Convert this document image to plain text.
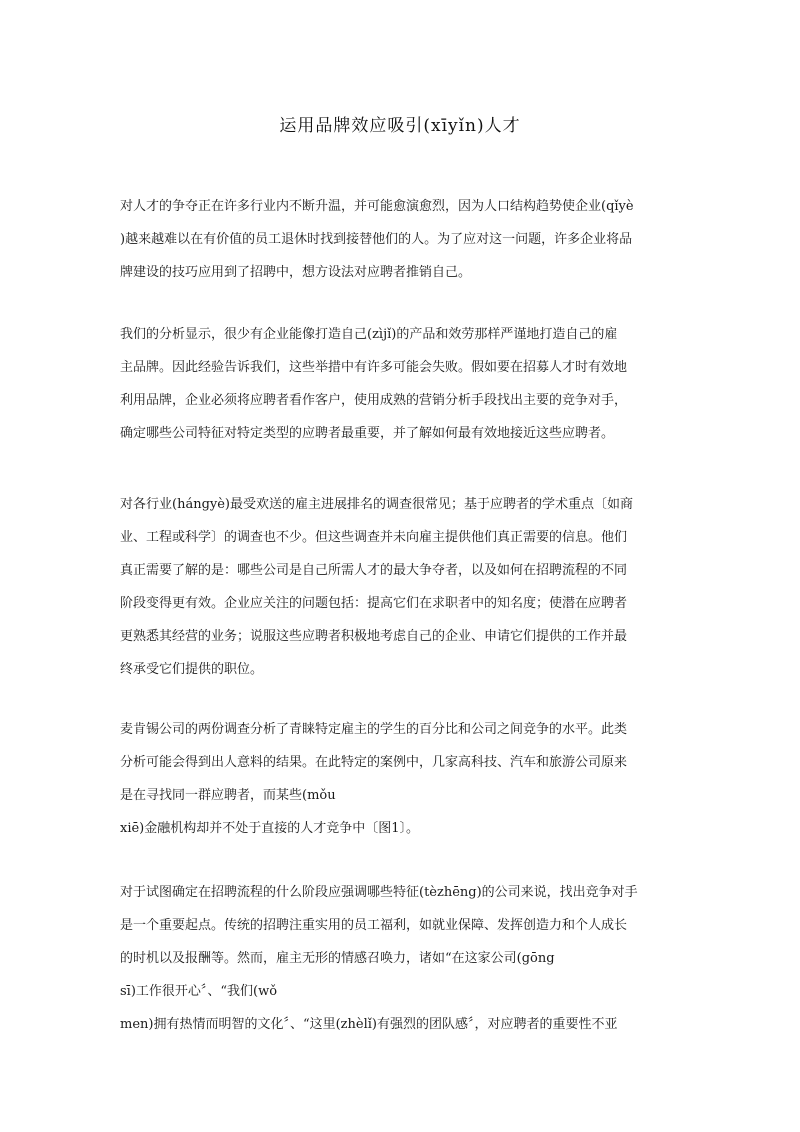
运用品牌效应吸引(xīyǐn)人才
对人才的争夺正在许多行业内不断升温，并可能愈演愈烈，因为人口结构趋势使企业(qǐyè
)越来越难以在有价值的员工退休时找到接替他们的人。为了应对这一问题，许多企业将品
牌建设的技巧应用到了招聘中，想方设法对应聘者推销自己。
我们的分析显示，很少有企业能像打造自己(zìjǐ)的产品和效劳那样严谨地打造自己的雇
主品牌。因此经验告诉我们，这些举措中有许多可能会失败。假如要在招募人才时有效地
利用品牌，企业必须将应聘者看作客户，使用成熟的营销分析手段找出主要的竞争对手，
确定哪些公司特征对特定类型的应聘者最重要，并了解如何最有效地接近这些应聘者。
对各行业(hángyè)最受欢送的雇主进展排名的调查很常见；基于应聘者的学术重点〔如商
业、工程或科学〕的调查也不少。但这些调查并未向雇主提供他们真正需要的信息。他们
真正需要了解的是：哪些公司是自己所需人才的最大争夺者，以及如何在招聘流程的不同
阶段变得更有效。企业应关注的问题包括：提高它们在求职者中的知名度；使潜在应聘者
更熟悉其经营的业务；说服这些应聘者积极地考虑自己的企业、申请它们提供的工作并最
终承受它们提供的职位。
麦肯锡公司的两份调查分析了青睐特定雇主的学生的百分比和公司之间竞争的水平。此类
分析可能会得到出人意料的结果。在此特定的案例中，几家高科技、汽车和旅游公司原来
是在寻找同一群应聘者，而某些(mǒu
xiē)金融机构却并不处于直接的人才竞争中〔图1〕。
对于试图确定在招聘流程的什么阶段应强调哪些特征(tèzhēng)的公司来说，找出竞争对手
是一个重要起点。传统的招聘注重实用的员工福利，如就业保障、发挥创造力和个人成长
的时机以及报酬等。然而，雇主无形的情感召唤力，诸如“在这家公司(gōng
sī)工作很开心〞、“我们(wǒ
men)拥有热情而明智的文化〞、“这里(zhèlǐ)有强烈的团队感〞，对应聘者的重要性不亚
